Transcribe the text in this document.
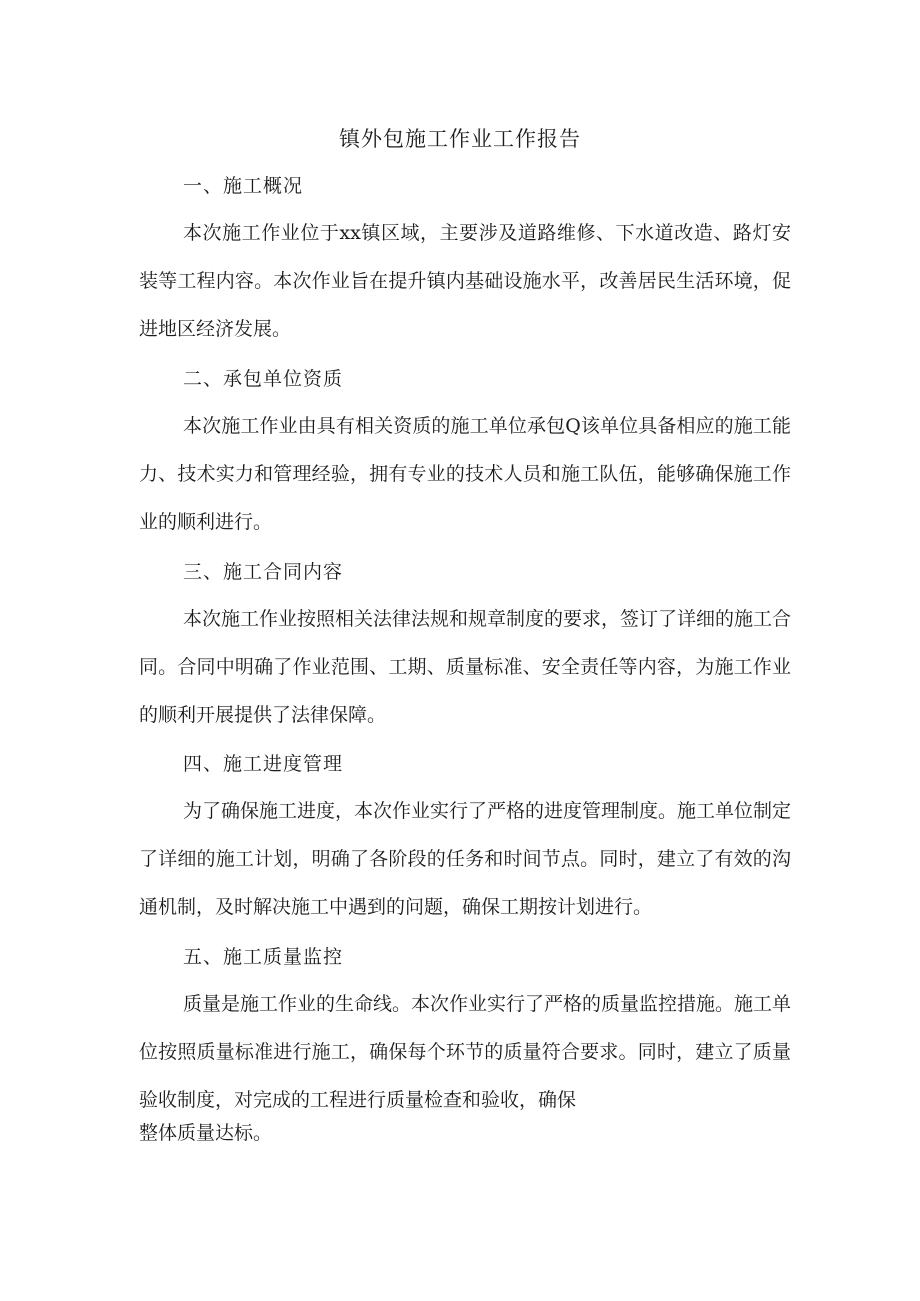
镇外包施工作业工作报告
一、施工概况
本次施工作业位于xx镇区域，主要涉及道路维修、下水道改造、路灯安装等工程内容。本次作业旨在提升镇内基础设施水平，改善居民生活环境，促进地区经济发展。
二、承包单位资质
本次施工作业由具有相关资质的施工单位承包Q该单位具备相应的施工能力、技术实力和管理经验，拥有专业的技术人员和施工队伍，能够确保施工作业的顺利进行。
三、施工合同内容
本次施工作业按照相关法律法规和规章制度的要求，签订了详细的施工合同。合同中明确了作业范围、工期、质量标准、安全责任等内容，为施工作业的顺利开展提供了法律保障。
四、施工进度管理
为了确保施工进度，本次作业实行了严格的进度管理制度。施工单位制定了详细的施工计划，明确了各阶段的任务和时间节点。同时，建立了有效的沟通机制，及时解决施工中遇到的问题，确保工期按计划进行。
五、施工质量监控
质量是施工作业的生命线。本次作业实行了严格的质量监控措施。施工单位按照质量标准进行施工，确保每个环节的质量符合要求。同时，建立了质量验收制度，对完成的工程进行质量检查和验收，确保
整体质量达标。
